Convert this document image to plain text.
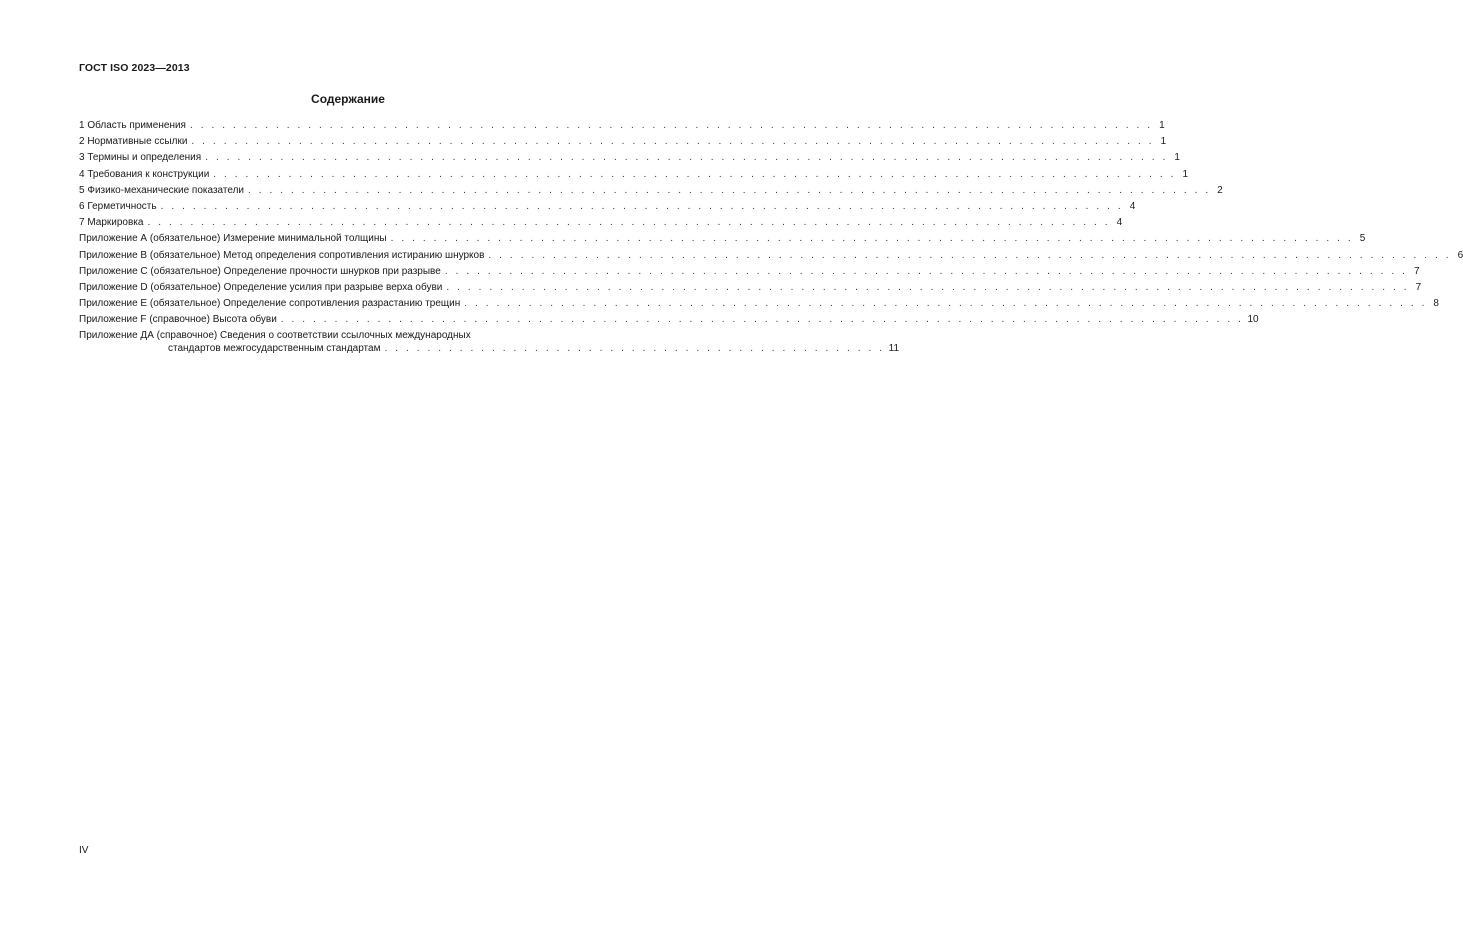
ГОСТ ISO 2023—2013
Содержание
1 Область применения . . .	1
2 Нормативные ссылки . . .	1
3 Термины и определения . . .	1
4 Требования к конструкции . . .	1
5 Физико-механические показатели . . .	2
6 Герметичность . . .	4
7 Маркировка . . .	4
Приложение А (обязательное) Измерение минимальной толщины . . .	5
Приложение В (обязательное) Метод определения сопротивления истиранию шнурков . . .	6
Приложение С (обязательное) Определение прочности шнурков при разрыве . . .	7
Приложение D (обязательное) Определение усилия при разрыве верха обуви . . .	7
Приложение Е (обязательное) Определение сопротивления разрастанию трещин . . .	8
Приложение F (справочное) Высота обуви . . .	10
Приложение ДА (справочное) Сведения о соответствии ссылочных международных
стандартов межгосударственным стандартам . . . . . . . . . . . . . . . . . . . . . . . . . . . . . . . . . . . . . . . . . . . . . . . 11
IV
